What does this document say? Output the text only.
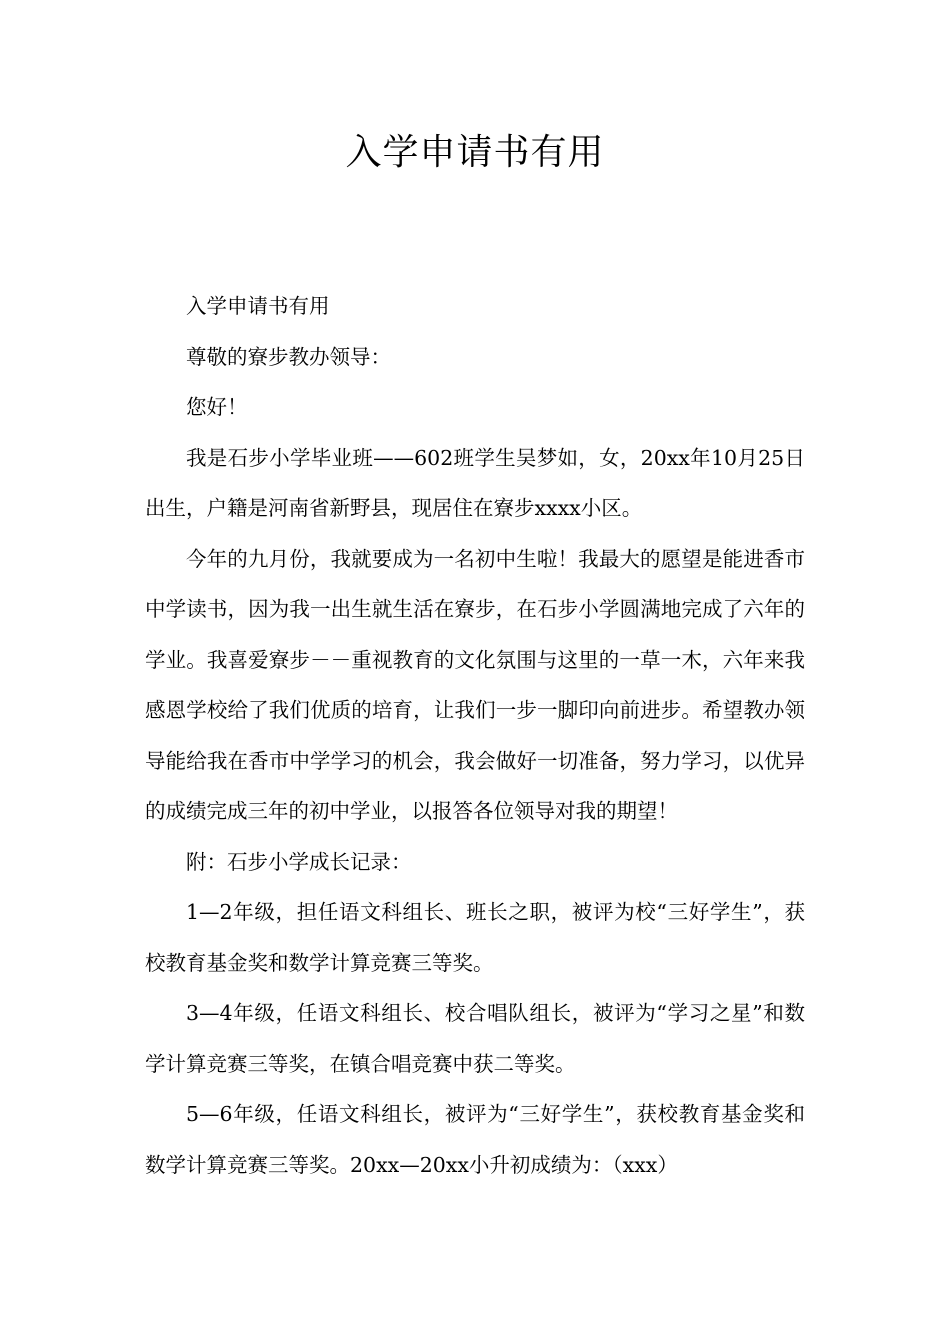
入学申请书有用

入学申请书有用

尊敬的寮步教办领导：

您好！

我是石步小学毕业班——602班学生吴梦如，女，20xx年10月25日出生，户籍是河南省新野县，现居住在寮步xxxx小区。

今年的九月份，我就要成为一名初中生啦！我最大的愿望是能进香市中学读书，因为我一出生就生活在寮步，在石步小学圆满地完成了六年的学业。我喜爱寮步－－重视教育的文化氛围与这里的一草一木，六年来我感恩学校给了我们优质的培育，让我们一步一脚印向前进步。希望教办领导能给我在香市中学学习的机会，我会做好一切准备，努力学习，以优异的成绩完成三年的初中学业，以报答各位领导对我的期望！

附：石步小学成长记录：

1—2年级，担任语文科组长、班长之职，被评为校“三好学生”，获校教育基金奖和数学计算竞赛三等奖。

3—4年级，任语文科组长、校合唱队组长，被评为“学习之星”和数学计算竞赛三等奖，在镇合唱竞赛中获二等奖。

5—6年级，任语文科组长，被评为“三好学生”，获校教育基金奖和数学计算竞赛三等奖。20xx—20xx小升初成绩为：（xxx）
